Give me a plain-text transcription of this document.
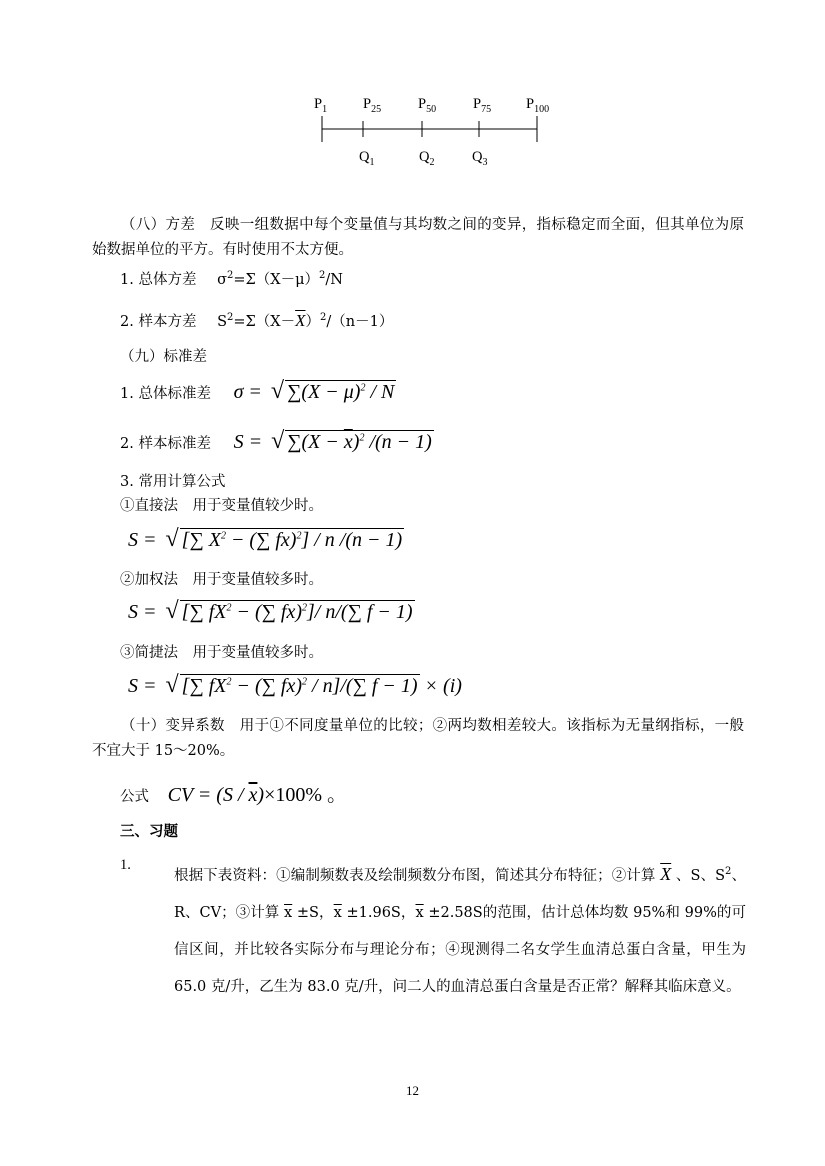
$P_1$ $P_{25}$	$P_{50}$	$P_{75}$ $P_{100}$
$Q_1$	$Q_2$	$Q_3$
（八）方差　反映一组数据中每个变量值与其均数之间的变异，指标稳定而全面，但其单位为原始数据单位的平方。有时使用不太方便。
1. 总体方差 $\sigma^2=\Sigma(X-\mu)^2/N$
2. 样本方差 $S^2=\Sigma(X-\overline{X})^2/(n-1)$
（九）标准差
1. 总体标准差 σ = √ $\sum(X - \mu)^2 / N$
2. 样本标准差 S = √ $\sum(X - \overline{x})^2$ /(n − 1)
3. 常用计算公式
①直接法　用于变量值较少时。
S = √ [∑ $X^2$ − (∑ fx)$^2$] / n /(n − 1)
②加权法　用于变量值较多时。
S = √ [∑ $fX^2$ − (∑ fx)$^2$]/ n/(∑ f − 1)
③简捷法　用于变量值较多时。
S = √ [∑ $fX^2$ − (∑ fx)$^2$ / n]/(∑ f − 1) × (i)
（十）变异系数　用于①不同度量单位的比较；②两均数相差较大。该指标为无量纲指标，一般不宜大于 15～20%。
公式 CV = $(S / \overline{x})\times 100\%$ 。
三、习题
1.
根据下表资料：①编制频数表及绘制频数分布图，简述其分布特征；②计算 $\overline{X}$ 、S、$S^2$、R、CV；③计算 $\overline{x} \pm S$，$\overline{x} \pm 1.96S$，$\overline{x} \pm 2.58S$的范围，估计总体均数 95%和 99%的可信区间，并比较各实际分布与理论分布；④现测得二名女学生血清总蛋白含量，甲生为 65.0 克/升，乙生为 83.0 克/升，问二人的血清总蛋白含量是否正常？解释其临床意义。
12
